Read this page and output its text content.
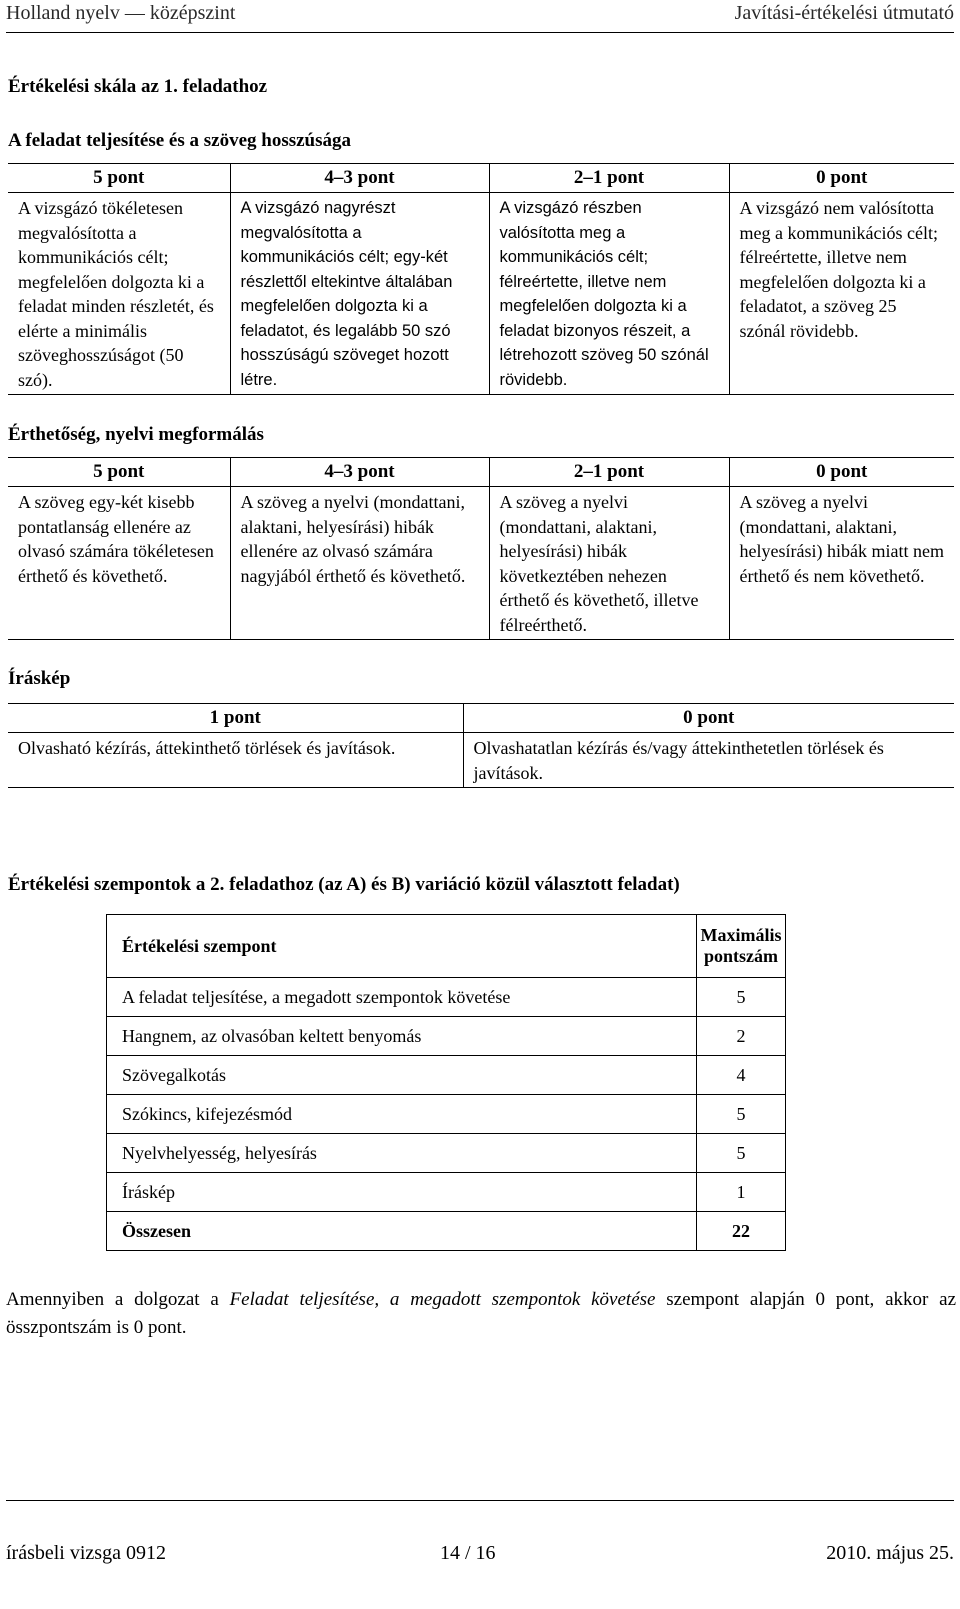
Holland nyelv — középszint	Javítási-értékelési útmutató
Értékelési skála az 1. feladathoz
A feladat teljesítése és a szöveg hosszúsága
5 pont	4–3 pont	2–1 pont	0 pont
A vizsgázó tökéletesen megvalósította a kommunikációs célt; megfelelően dolgozta ki a feladat minden részletét, és elérte a minimális szöveghosszúságot (50 szó).	A vizsgázó nagyrészt megvalósította a kommunikációs célt; egy-két részlettől eltekintve általában megfelelően dolgozta ki a feladatot, és legalább 50 szó hosszúságú szöveget hozott létre.	A vizsgázó részben valósította meg a kommunikációs célt; félreértette, illetve nem megfelelően dolgozta ki a feladat bizonyos részeit, a létrehozott szöveg 50 szónál rövidebb.	A vizsgázó nem valósította meg a kommunikációs célt; félreértette, illetve nem megfelelően dolgozta ki a feladatot, a szöveg 25 szónál rövidebb.
Érthetőség, nyelvi megformálás
5 pont	4–3 pont	2–1 pont	0 pont
A szöveg egy-két kisebb pontatlanság ellenére az olvasó számára tökéletesen érthető és követhető.	A szöveg a nyelvi (mondattani, alaktani, helyesírási) hibák ellenére az olvasó számára nagyjából érthető és követhető.	A szöveg a nyelvi (mondattani, alaktani, helyesírási) hibák következtében nehezen érthető és követhető, illetve félreérthető.	A szöveg a nyelvi (mondattani, alaktani, helyesírási) hibák miatt nem érthető és nem követhető.
Íráskép
1 pont	0 pont
Olvasható kézírás, áttekinthető törlések és javítások.	Olvashatatlan kézírás és/vagy áttekinthetetlen törlések és javítások.
Értékelési szempontok a 2. feladathoz (az A) és B) variáció közül választott feladat)
Értékelési szempont	Maximális pontszám
A feladat teljesítése, a megadott szempontok követése	5
Hangnem, az olvasóban keltett benyomás	2
Szövegalkotás	4
Szókincs, kifejezésmód	5
Nyelvhelyesség, helyesírás	5
Íráskép	1
Összesen	22
Amennyiben a dolgozat a Feladat teljesítése, a megadott szempontok követése szempont alapján 0 pont, akkor az összpontszám is 0 pont.
írásbeli vizsga 0912	14 / 16	2010. május 25.
